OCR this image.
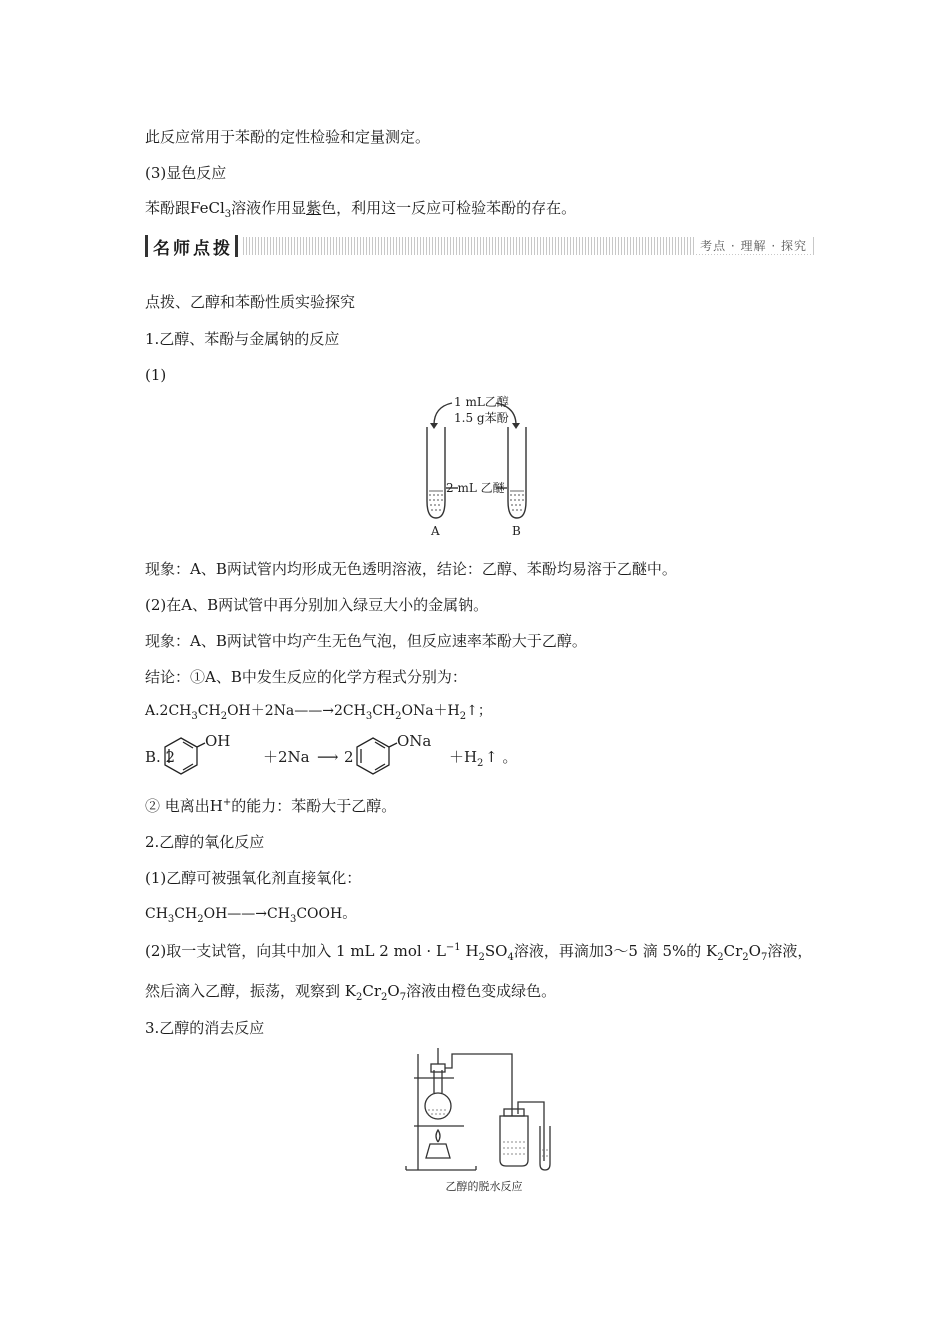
此反应常用于苯酚的定性检验和定量测定。
(3)显色反应
苯酚跟FeCl$_3$溶液作用显紫色，利用这一反应可检验苯酚的存在。
名师点拨	考点 · 理解 · 探究
点拨、乙醇和苯酚性质实验探究
1.乙醇、苯酚与金属钠的反应
(1)
1 mL乙醇
1.5 g苯酚
2 mL 乙醚
A	B
现象：A、B两试管内均形成无色透明溶液，结论：乙醇、苯酚均易溶于乙醚中。
(2)在A、B两试管中再分别加入绿豆大小的金属钠。
现象：A、B两试管中均产生无色气泡，但反应速率苯酚大于乙醇。
结论：①A、B中发生反应的化学方程式分别为：
$A.2CH_3CH_2OH+2Na——\to 2CH_3CH_2ONa+H_2↑$；
B. 2
OH
＋2Na ⟶ 2
ONa
＋H 2 ↑ 。
② 电离出H+的能力：苯酚大于乙醇。
2.乙醇的氧化反应
(1)乙醇可被强氧化剂直接氧化：
$CH_3CH_2OH——\to CH_3COOH$。
(2)取一支试管，向其中加入 1 mL 2 mol · $L^{-1}$ $H_2SO_4$溶液，再滴加3～5 滴 5%的 $K_2Cr_2O_7$溶液，
然后滴入乙醇，振荡，观察到 $K_2Cr_2O_7$溶液由橙色变成绿色。
3.乙醇的消去反应
乙醇的脱水反应
